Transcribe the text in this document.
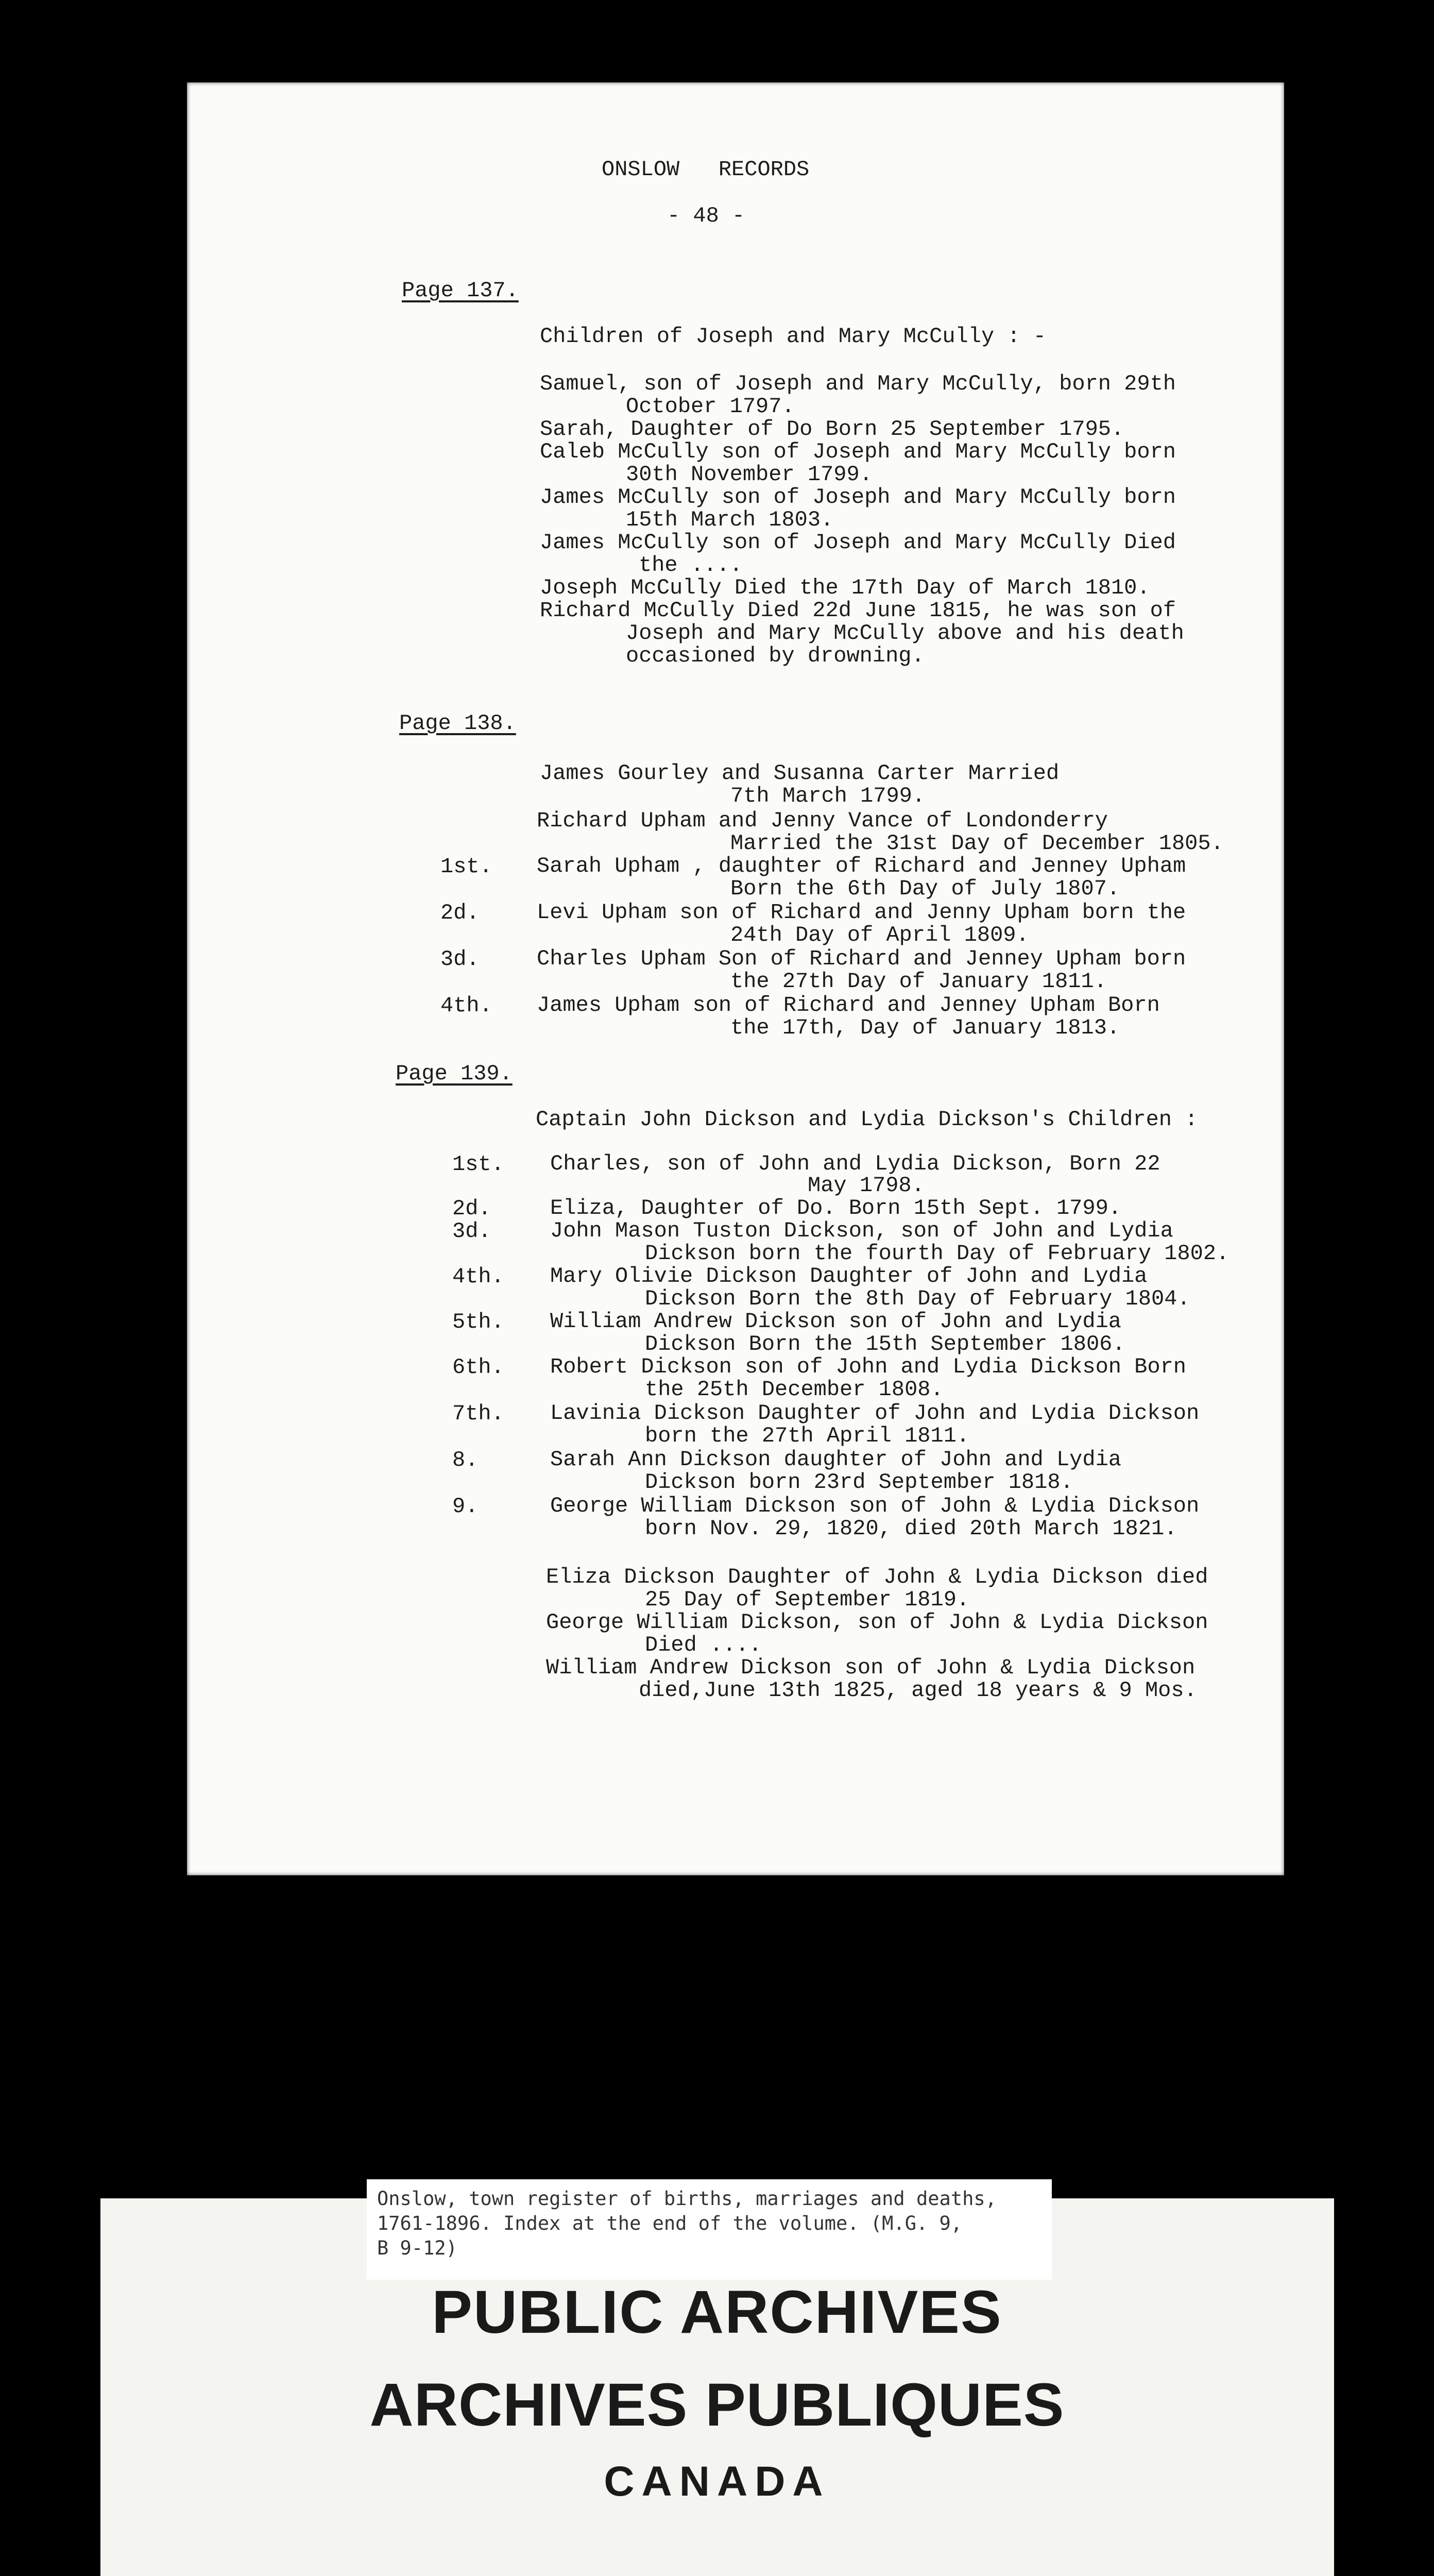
ONSLOW   RECORDS
- 48 -
Page 137.
Children of Joseph and Mary McCully : -
Samuel, son of Joseph and Mary McCully, born 29th
October 1797.
Sarah, Daughter of Do Born 25 September 1795.
Caleb McCully son of Joseph and Mary McCully born
30th November 1799.
James McCully son of Joseph and Mary McCully born
15th March 1803.
James McCully son of Joseph and Mary McCully Died
the ....
Joseph McCully Died the 17th Day of March 1810.
Richard McCully Died 22d June 1815, he was son of
Joseph and Mary McCully above and his death
occasioned by drowning.
Page 138.
James Gourley and Susanna Carter Married
7th March 1799.
Richard Upham and Jenny Vance of Londonderry
Married the 31st Day of December 1805.
1st. Sarah Upham , daughter of Richard and Jenney Upham
Born the 6th Day of July 1807.
2d.	Levi Upham son of Richard and Jenny Upham born the
24th Day of April 1809.
3d.	Charles Upham Son of Richard and Jenney Upham born
the 27th Day of January 1811.
4th. James Upham son of Richard and Jenney Upham Born
the 17th, Day of January 1813.
Page 139.
Captain John Dickson and Lydia Dickson's Children :
1st. Charles, son of John and Lydia Dickson, Born 22
May 1798.
2d.	Eliza, Daughter of Do. Born 15th Sept. 1799.
3d.	John Mason Tuston Dickson, son of John and Lydia
Dickson born the fourth Day of February 1802.
4th. Mary Olivie Dickson Daughter of John and Lydia
Dickson Born the 8th Day of February 1804.
5th. William Andrew Dickson son of John and Lydia
Dickson Born the 15th September 1806.
6th. Robert Dickson son of John and Lydia Dickson Born
the 25th December 1808.
7th. Lavinia Dickson Daughter of John and Lydia Dickson
born the 27th April 1811.
8.	Sarah Ann Dickson daughter of John and Lydia
Dickson born 23rd September 1818.
9.	George William Dickson son of John & Lydia Dickson
born Nov. 29, 1820, died 20th March 1821.
Eliza Dickson Daughter of John & Lydia Dickson died
25 Day of September 1819.
George William Dickson, son of John & Lydia Dickson
Died ....
William Andrew Dickson son of John & Lydia Dickson
died,June 13th 1825, aged 18 years & 9 Mos.
Onslow, town register of births, marriages and deaths,
1761-1896. Index at the end of the volume. (M.G. 9,
B 9-12)
PUBLIC ARCHIVES
ARCHIVES PUBLIQUES
CANADA
